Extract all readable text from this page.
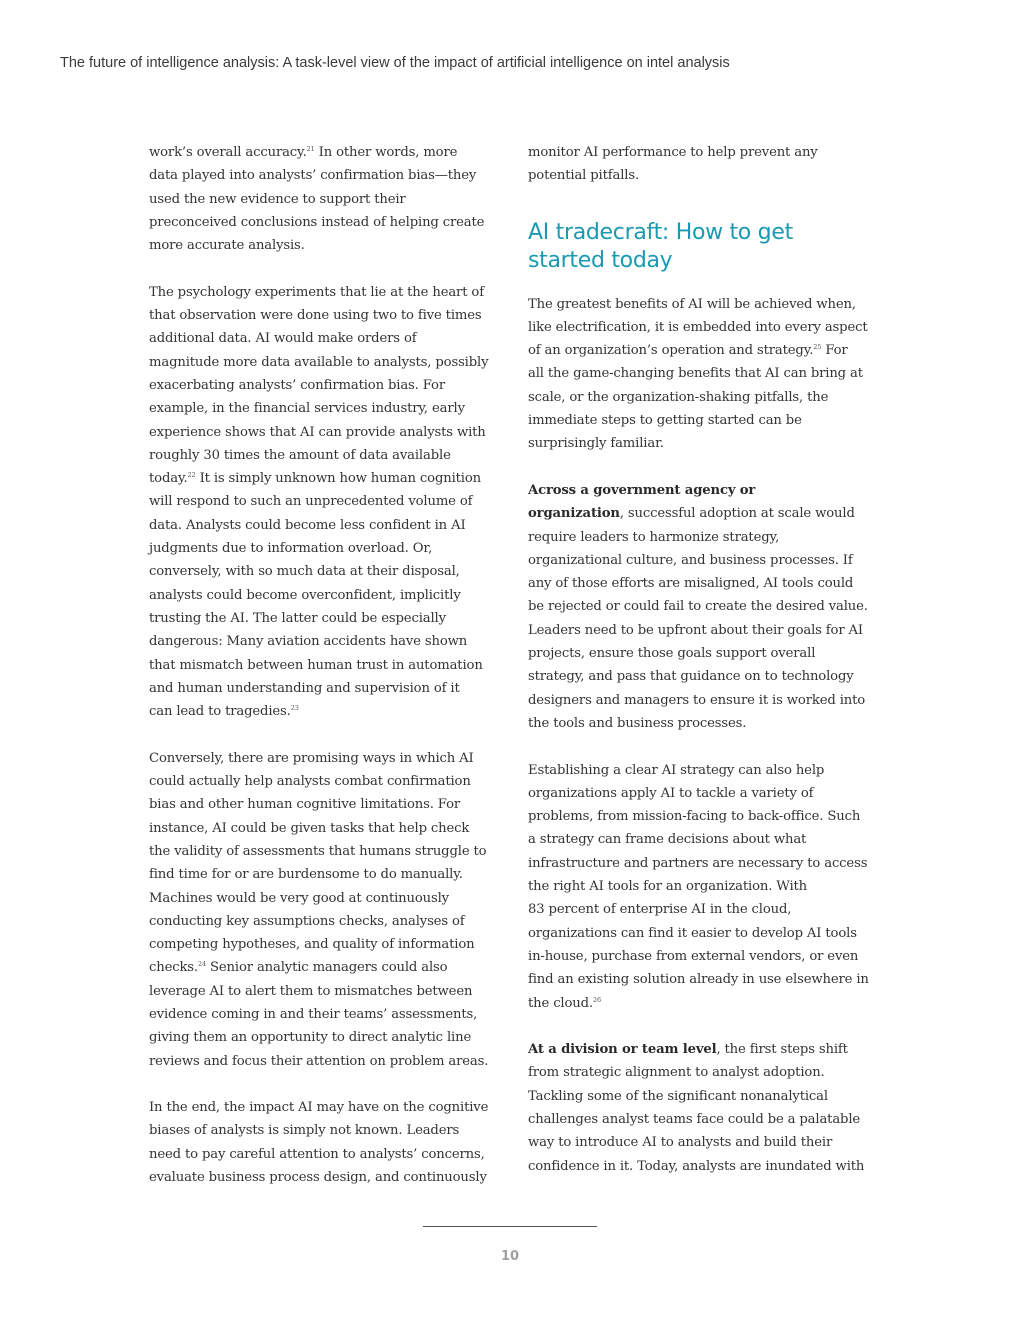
The future of intelligence analysis: A task-level view of the impact of artificial intelligence on intel analysis
work’s overall accuracy.$^{21}$ In other words, more
data played into analysts’ confirmation bias—they
used the new evidence to support their
preconceived conclusions instead of helping create
more accurate analysis.
The psychology experiments that lie at the heart of
that observation were done using two to five times
additional data. AI would make orders of
magnitude more data available to analysts, possibly
exacerbating analysts’ confirmation bias. For
example, in the financial services industry, early
experience shows that AI can provide analysts with
roughly 30 times the amount of data available
today.$^{22}$ It is simply unknown how human cognition
will respond to such an unprecedented volume of
data. Analysts could become less confident in AI
judgments due to information overload. Or,
conversely, with so much data at their disposal,
analysts could become overconfident, implicitly
trusting the AI. The latter could be especially
dangerous: Many aviation accidents have shown
that mismatch between human trust in automation
and human understanding and supervision of it
can lead to tragedies.$^{23}$
Conversely, there are promising ways in which AI
could actually help analysts combat confirmation
bias and other human cognitive limitations. For
instance, AI could be given tasks that help check
the validity of assessments that humans struggle to
find time for or are burdensome to do manually.
Machines would be very good at continuously
conducting key assumptions checks, analyses of
competing hypotheses, and quality of information
checks.$^{24}$ Senior analytic managers could also
leverage AI to alert them to mismatches between
evidence coming in and their teams’ assessments,
giving them an opportunity to direct analytic line
reviews and focus their attention on problem areas.
In the end, the impact AI may have on the cognitive
biases of analysts is simply not known. Leaders
need to pay careful attention to analysts’ concerns,
evaluate business process design, and continuously
monitor AI performance to help prevent any
potential pitfalls.
AI tradecraft: How to get
started today
The greatest benefits of AI will be achieved when,
like electrification, it is embedded into every aspect
of an organization’s operation and strategy.$^{25}$ For
all the game-changing benefits that AI can bring at
scale, or the organization-shaking pitfalls, the
immediate steps to getting started can be
surprisingly familiar.
Across a government agency or
organization, successful adoption at scale would
require leaders to harmonize strategy,
organizational culture, and business processes. If
any of those efforts are misaligned, AI tools could
be rejected or could fail to create the desired value.
Leaders need to be upfront about their goals for AI
projects, ensure those goals support overall
strategy, and pass that guidance on to technology
designers and managers to ensure it is worked into
the tools and business processes.
Establishing a clear AI strategy can also help
organizations apply AI to tackle a variety of
problems, from mission-facing to back-office. Such
a strategy can frame decisions about what
infrastructure and partners are necessary to access
the right AI tools for an organization. With
83 percent of enterprise AI in the cloud,
organizations can find it easier to develop AI tools
in-house, purchase from external vendors, or even
find an existing solution already in use elsewhere in
the cloud.$^{26}$
At a division or team level, the first steps shift
from strategic alignment to analyst adoption.
Tackling some of the significant nonanalytical
challenges analyst teams face could be a palatable
way to introduce AI to analysts and build their
confidence in it. Today, analysts are inundated with
10
